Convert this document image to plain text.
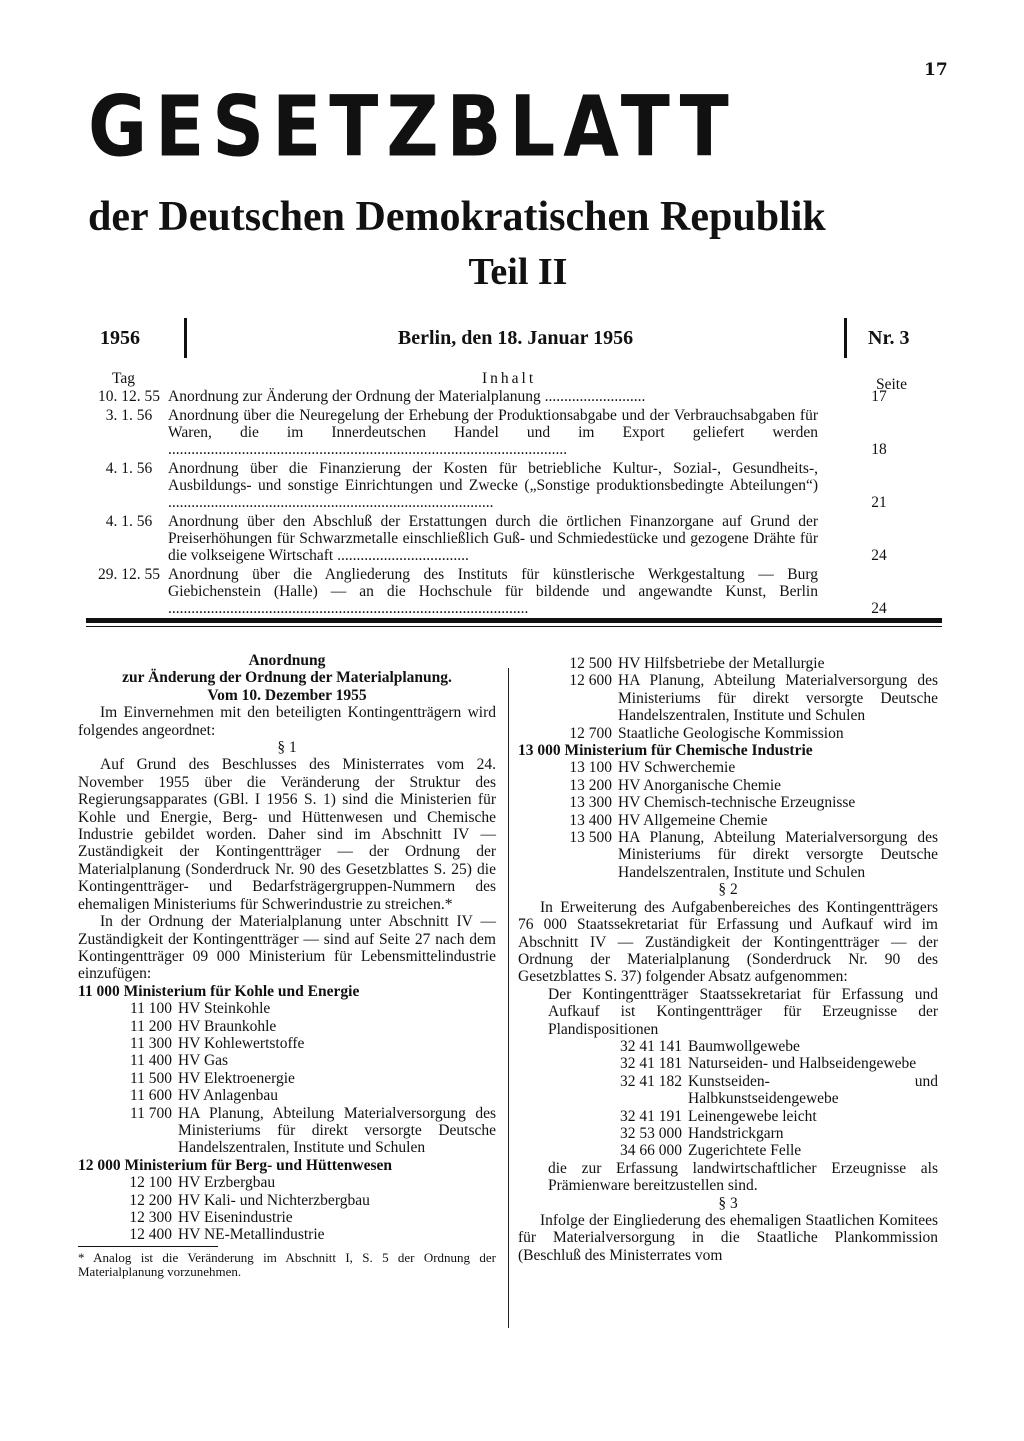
17
GESETZBLATT
der Deutschen Demokratischen Republik
Teil II
1956	Berlin, den 18. Januar 1956	Nr. 3
Tag	Inhalt	Seite
10. 12. 55 Anordnung zur Änderung der Ordnung der Materialplanung ..........................	17
3. 1. 56	Anordnung über die Neuregelung der Erhebung der Produktionsabgabe und der Verbrauchsabgaben für Waren, die im Innerdeutschen Handel und im Export geliefert werden .......................................................................................................	18
4. 1. 56	Anordnung über die Finanzierung der Kosten für betriebliche Kultur-, Sozial-, Gesundheits-, Ausbildungs- und sonstige Einrichtungen und Zwecke („Sonstige produktionsbedingte Abteilungen“) ....................................................................................	21
4. 1. 56	Anordnung über den Abschluß der Erstattungen durch die örtlichen Finanzorgane auf Grund der Preiserhöhungen für Schwarzmetalle einschließlich Guß- und Schmiedestücke und gezogene Drähte für die volkseigene Wirtschaft ..................................	24
29. 12. 55 Anordnung über die Angliederung des Instituts für künstlerische Werkgestaltung — Burg Giebichenstein (Halle) — an die Hochschule für bildende und angewandte Kunst, Berlin .............................................................................................	24
Anordnung
zur Änderung der Ordnung der Materialplanung.
Vom 10. Dezember 1955
Im Einvernehmen mit den beteiligten Kontingentträgern wird folgendes angeordnet:
§ 1
Auf Grund des Beschlusses des Ministerrates vom 24. November 1955 über die Veränderung der Struktur des Regierungsapparates (GBl. I 1956 S. 1) sind die Ministerien für Kohle und Energie, Berg- und Hüttenwesen und Chemische Industrie gebildet worden. Daher sind im Abschnitt IV — Zuständigkeit der Kontingentträger — der Ordnung der Materialplanung (Sonderdruck Nr. 90 des Gesetzblattes S. 25) die Kontingentträger- und Bedarfsträgergruppen-Nummern des ehemaligen Ministeriums für Schwerindustrie zu streichen.*
In der Ordnung der Materialplanung unter Abschnitt IV — Zuständigkeit der Kontingentträger — sind auf Seite 27 nach dem Kontingentträger 09 000 Ministerium für Lebensmittelindustrie einzufügen:
11 000 Ministerium für Kohle und Energie
11 100 HV Steinkohle
11 200 HV Braunkohle
11 300 HV Kohlewertstoffe
11 400 HV Gas
11 500 HV Elektroenergie
11 600 HV Anlagenbau
11 700 HA Planung, Abteilung Materialversorgung des Ministeriums für direkt versorgte Deutsche Handelszentralen, Institute und Schulen
12 000 Ministerium für Berg- und Hüttenwesen
12 100 HV Erzbergbau
12 200 HV Kali- und Nichterzbergbau
12 300 HV Eisenindustrie
12 400 HV NE-Metallindustrie
* Analog ist die Veränderung im Abschnitt I, S. 5 der Ordnung der Materialplanung vorzunehmen.
12 500 HV Hilfsbetriebe der Metallurgie
12 600 HA Planung, Abteilung Materialversorgung des Ministeriums für direkt versorgte Deutsche Handelszentralen, Institute und Schulen
12 700 Staatliche Geologische Kommission
13 000 Ministerium für Chemische Industrie
13 100 HV Schwerchemie
13 200 HV Anorganische Chemie
13 300 HV Chemisch-technische Erzeugnisse
13 400 HV Allgemeine Chemie
13 500 HA Planung, Abteilung Materialversorgung des Ministeriums für direkt versorgte Deutsche Handelszentralen, Institute und Schulen
§ 2
In Erweiterung des Aufgabenbereiches des Kontingentträgers 76 000 Staatssekretariat für Erfassung und Aufkauf wird im Abschnitt IV — Zuständigkeit der Kontingentträger — der Ordnung der Materialplanung (Sonderdruck Nr. 90 des Gesetzblattes S. 37) folgender Absatz aufgenommen:
Der Kontingentträger Staatssekretariat für Erfassung und Aufkauf ist Kontingentträger für Erzeugnisse der Plandispositionen
32 41 141 Baumwollgewebe
32 41 181 Naturseiden- und Halbseidengewebe
32 41 182 Kunstseiden- und Halbkunstseidengewebe
32 41 191 Leinengewebe leicht
32 53 000 Handstrickgarn
34 66 000 Zugerichtete Felle
die zur Erfassung landwirtschaftlicher Erzeugnisse als Prämienware bereitzustellen sind.
§ 3
Infolge der Eingliederung des ehemaligen Staatlichen Komitees für Materialversorgung in die Staatliche Plankommission (Beschluß des Ministerrates vom
